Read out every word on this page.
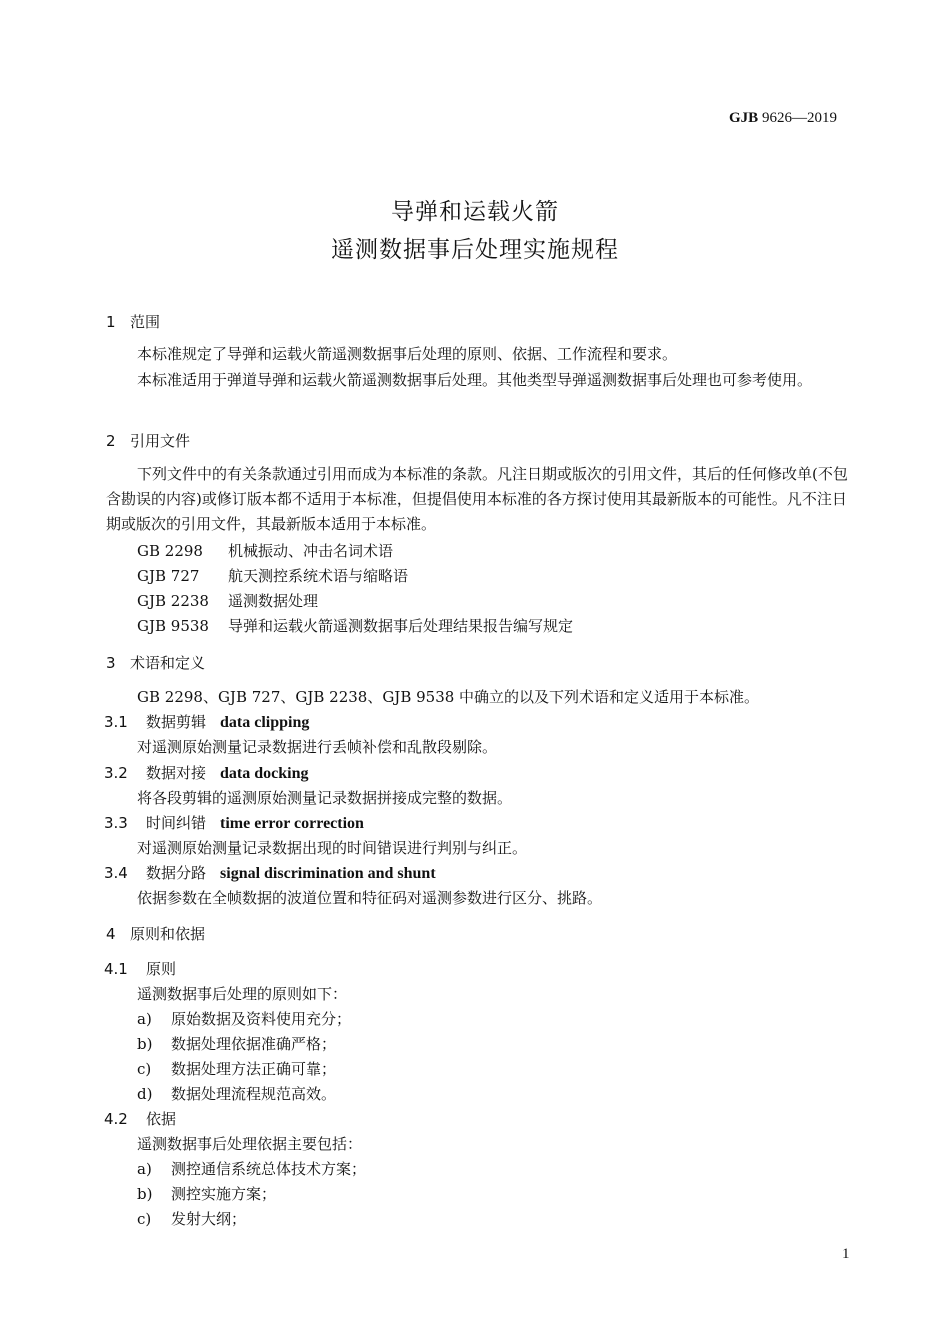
GJB 9626—2019
导弹和运载火箭
遥测数据事后处理实施规程
1 范围
本标准规定了导弹和运载火箭遥测数据事后处理的原则、依据、工作流程和要求。
本标准适用于弹道导弹和运载火箭遥测数据事后处理。其他类型导弹遥测数据事后处理也可参考使用。
2 引用文件
下列文件中的有关条款通过引用而成为本标准的条款。凡注日期或版次的引用文件，其后的任何修改单(不包含勘误的内容)或修订版本都不适用于本标准，但提倡使用本标准的各方探讨使用其最新版本的可能性。凡不注日期或版次的引用文件，其最新版本适用于本标准。
GB 2298 机械振动、冲击名词术语
GJB 727 航天测控系统术语与缩略语
GJB 2238 遥测数据处理
GJB 9538 导弹和运载火箭遥测数据事后处理结果报告编写规定
3 术语和定义
GB 2298、GJB 727、GJB 2238、GJB 9538 中确立的以及下列术语和定义适用于本标准。
3.1 数据剪辑 data clipping
对遥测原始测量记录数据进行丢帧补偿和乱散段剔除。
3.2 数据对接 data docking
将各段剪辑的遥测原始测量记录数据拼接成完整的数据。
3.3 时间纠错 time error correction
对遥测原始测量记录数据出现的时间错误进行判别与纠正。
3.4 数据分路 signal discrimination and shunt
依据参数在全帧数据的波道位置和特征码对遥测参数进行区分、挑路。
4 原则和依据
4.1 原则
遥测数据事后处理的原则如下：
a) 原始数据及资料使用充分；
b) 数据处理依据准确严格；
c) 数据处理方法正确可靠；
d) 数据处理流程规范高效。
4.2 依据
遥测数据事后处理依据主要包括：
a) 测控通信系统总体技术方案；
b) 测控实施方案；
c) 发射大纲；
1
